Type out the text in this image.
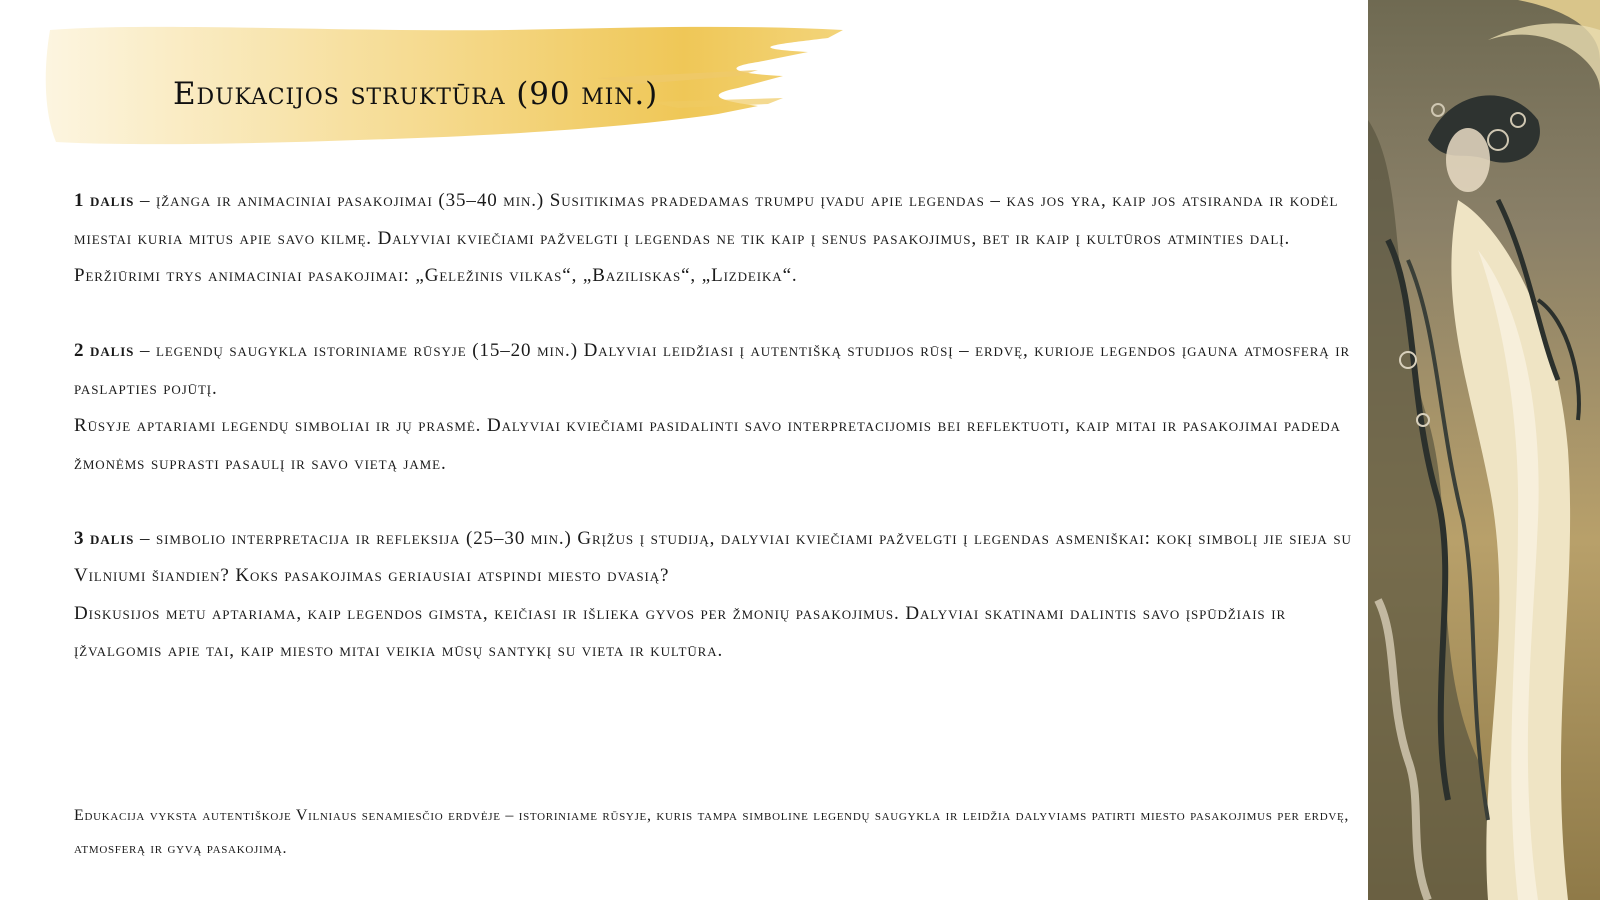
Edukacijos struktūra (90 min.)

1 dalis – įžanga ir animaciniai pasakojimai (35–40 min.) Susitikimas pradedamas trumpu įvadu apie legendas – kas jos yra, kaip jos atsiranda ir kodėl miestai kuria mitus apie savo kilmę. Dalyviai kviečiami pažvelgti į legendas ne tik kaip į senus pasakojimus, bet ir kaip į kultūros atminties dalį.

Peržiūrimi trys animaciniai pasakojimai: „Geležinis vilkas“, „Baziliskas“, „Lizdeika“.

2 dalis – legendų saugykla istoriniame rūsyje (15–20 min.) Dalyviai leidžiasi į autentišką studijos rūsį – erdvę, kurioje legendos įgauna atmosferą ir paslapties pojūtį.

Rūsyje aptariami legendų simboliai ir jų prasmė. Dalyviai kviečiami pasidalinti savo interpretacijomis bei reflektuoti, kaip mitai ir pasakojimai padeda žmonėms suprasti pasaulį ir savo vietą jame.

3 dalis – simbolio interpretacija ir refleksija (25–30 min.) Grįžus į studiją, dalyviai kviečiami pažvelgti į legendas asmeniškai: kokį simbolį jie sieja su Vilniumi šiandien? Koks pasakojimas geriausiai atspindi miesto dvasią?

Diskusijos metu aptariama, kaip legendos gimsta, keičiasi ir išlieka gyvos per žmonių pasakojimus. Dalyviai skatinami dalintis savo įspūdžiais ir įžvalgomis apie tai, kaip miesto mitai veikia mūsų santykį su vieta ir kultūra.

Edukacija vyksta autentiškoje Vilniaus senamiesčio erdvėje – istoriniame rūsyje, kuris tampa simboline legendų saugykla ir leidžia dalyviams patirti miesto pasakojimus per erdvę, atmosferą ir gyvą pasakojimą.
